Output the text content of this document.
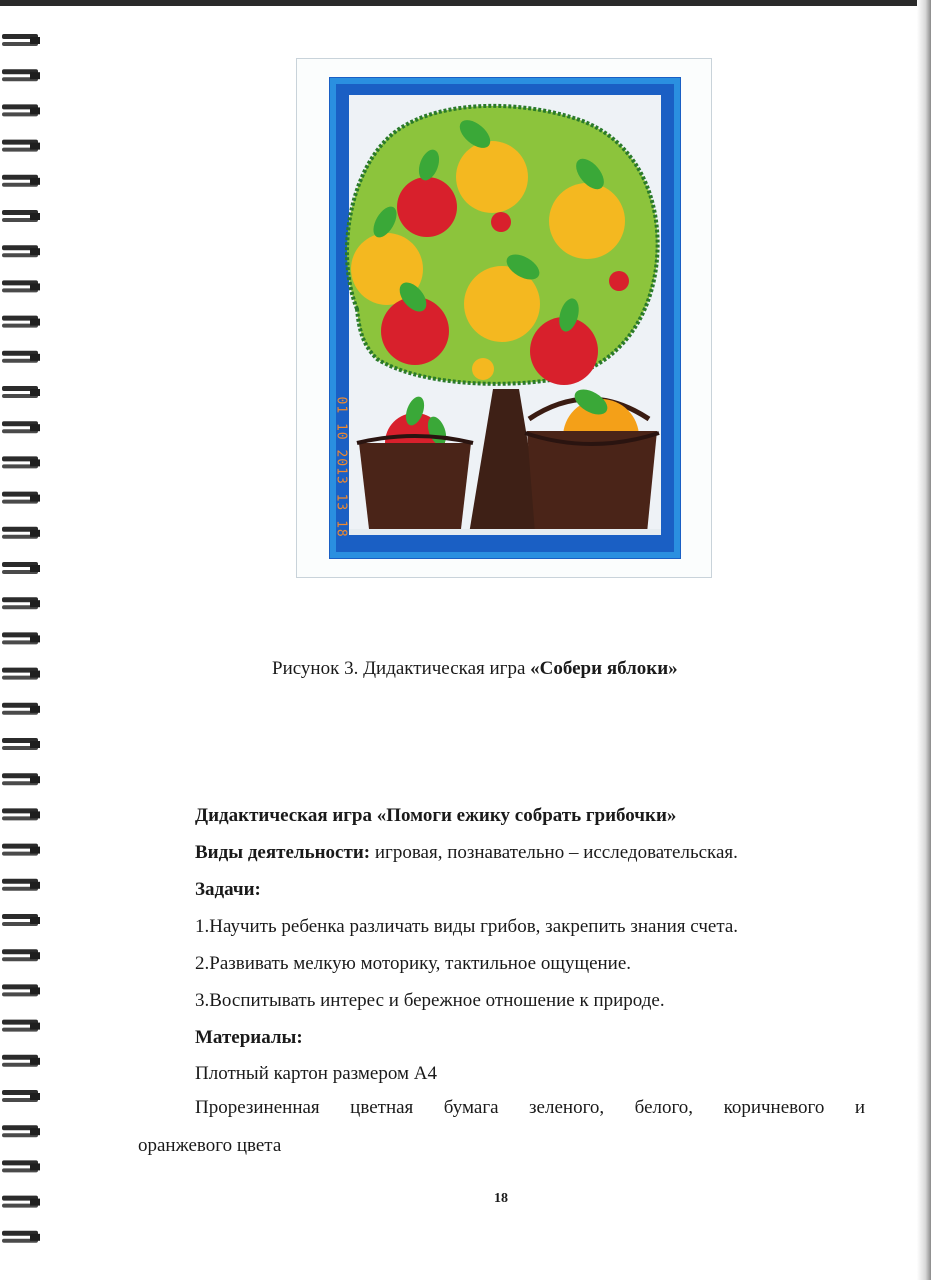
01 10 2013 13 18
Рисунок 3. Дидактическая игра «Собери яблоки»
Дидактическая игра «Помоги ежику собрать грибочки»
Виды деятельности: игровая, познавательно – исследовательская.
Задачи:
1.Научить ребенка различать виды грибов, закрепить знания счета.
2.Развивать мелкую моторику, тактильное ощущение.
3.Воспитывать интерес и бережное отношение к природе.
Материалы:
Плотный картон размером А4
Прорезиненная цветная бумага зеленого, белого, коричневого и
оранжевого цвета
18
